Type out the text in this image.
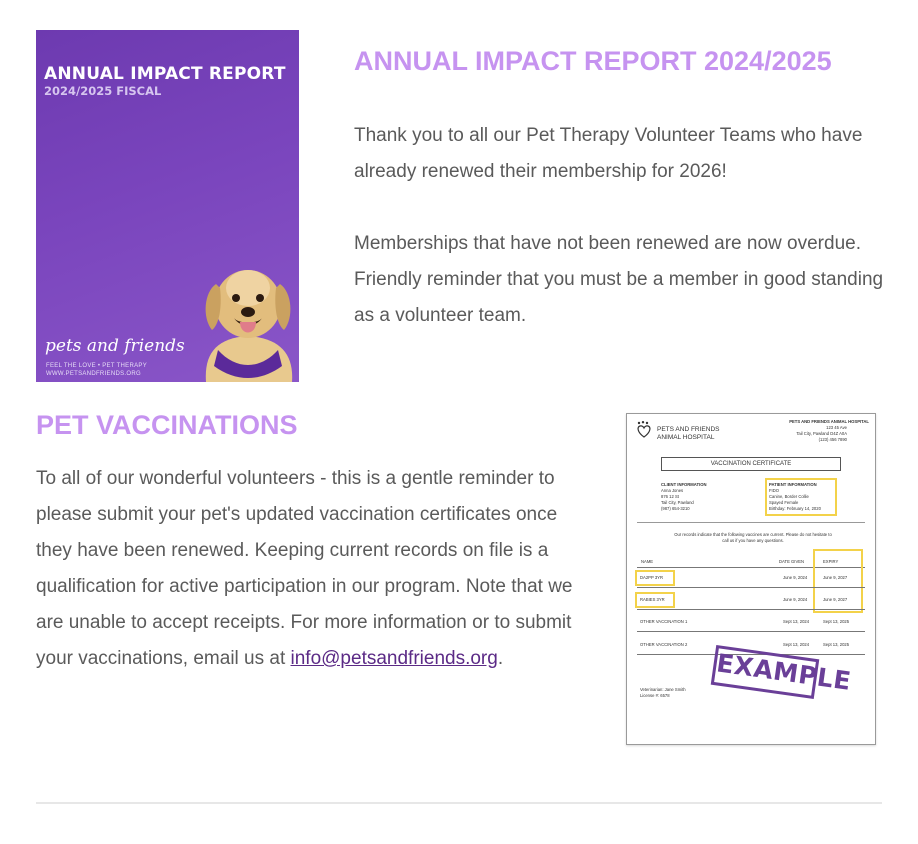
ANNUAL IMPACT REPORT
2024/2025 FISCAL
pets and friends
FEEL THE LOVE • PET THERAPY
WWW.PETSANDFRIENDS.ORG
ANNUAL IMPACT REPORT 2024/2025

Thank you to all our Pet Therapy Volunteer Teams who have already renewed their membership for 2026!

Memberships that have not been renewed are now overdue. Friendly reminder that you must be a member in good standing as a volunteer team.

PET VACCINATIONS

To all of our wonderful volunteers - this is a gentle reminder to please submit your pet's updated vaccination certificates once they have been renewed. Keeping current records on file is a qualification for active participation in our program. Note that we are unable to accept receipts. For more information or to submit your vaccinations, email us at info@petsandfriends.org.

PETS AND FRIENDS
ANIMAL HOSPITAL
PETS AND FRIENDS ANIMAL HOSPITAL
123 45 Ave
Tail City, Pawland D4Z A0A
(123) 456 7890
VACCINATION CERTIFICATE
CLIENT INFORMATION
Anna Jones
876 12 St
Tail City, Pawland
(987) 654-3210
PATIENT INFORMATION
FIDO
Canine, Border Collie
Spayed Female
Birthday: February 14, 2020
Our records indicate that the following vaccines are current. Please do not hesitate to call us if you have any questions.
NAME	DATE GIVEN	EXPIRY
DA2PP 3YR	June 9, 2024	June 9, 2027
RABIES 3YR	June 9, 2024	June 9, 2027
OTHER VACCINATION 1	Sept 13, 2024	Sept 13, 2025
OTHER VACCINATION 2	Sept 13, 2024	Sept 13, 2025
EXAMPLE
Veterinarian: Jane Smith
License #: 6578
